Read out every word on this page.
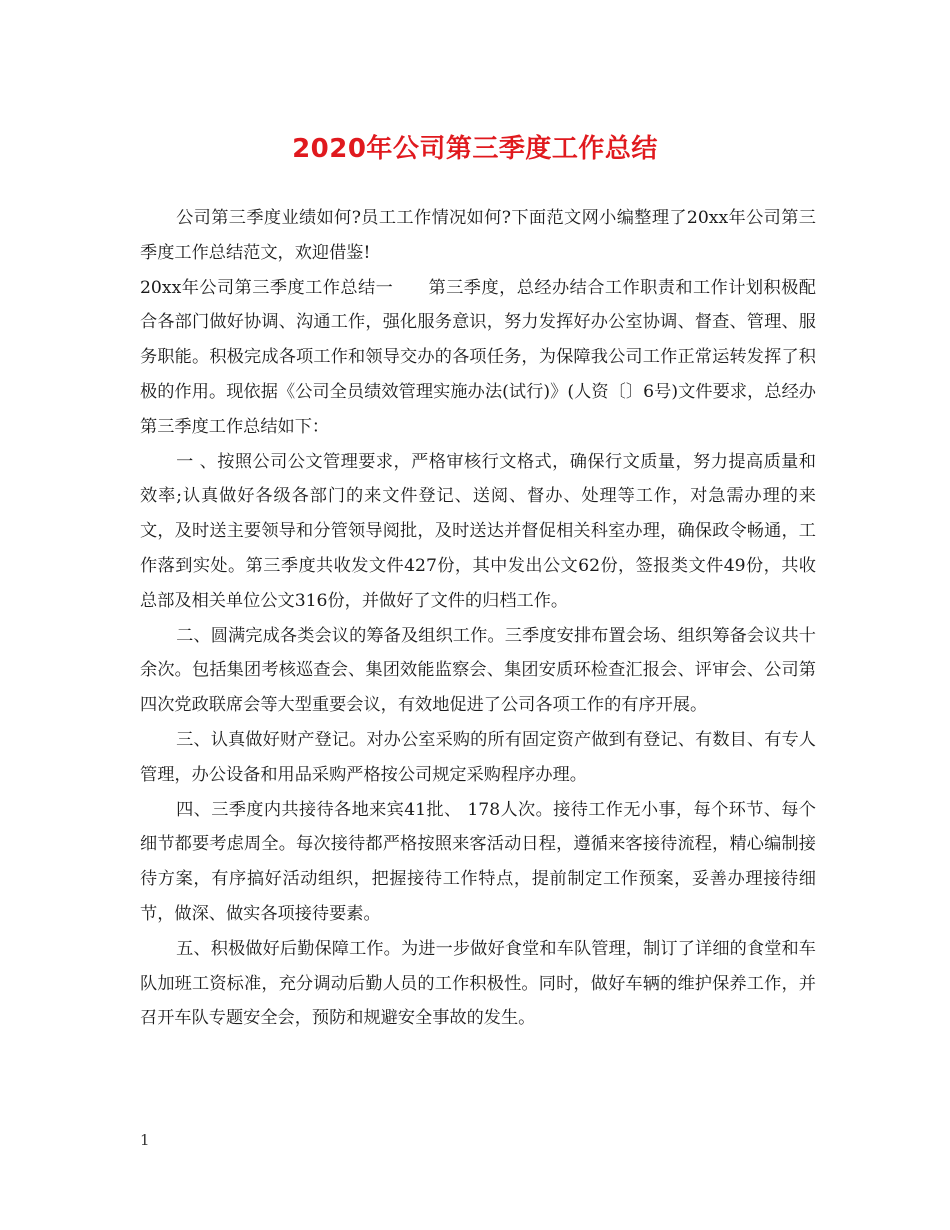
2020年公司第三季度工作总结

公司第三季度业绩如何?员工工作情况如何?下面范文网小编整理了20xx年公司第三季度工作总结范文，欢迎借鉴!

20xx年公司第三季度工作总结一　　第三季度，总经办结合工作职责和工作计划积极配合各部门做好协调、沟通工作，强化服务意识，努力发挥好办公室协调、督查、管理、服务职能。积极完成各项工作和领导交办的各项任务，为保障我公司工作正常运转发挥了积极的作用。现依据《公司全员绩效管理实施办法(试行)》(人资〔〕6号)文件要求，总经办第三季度工作总结如下：

一 、按照公司公文管理要求，严格审核行文格式，确保行文质量，努力提高质量和效率;认真做好各级各部门的来文件登记、送阅、督办、处理等工作，对急需办理的来文，及时送主要领导和分管领导阅批，及时送达并督促相关科室办理，确保政令畅通，工作落到实处。第三季度共收发文件427份，其中发出公文62份，签报类文件49份，共收总部及相关单位公文316份，并做好了文件的归档工作。

二、圆满完成各类会议的筹备及组织工作。三季度安排布置会场、组织筹备会议共十余次。包括集团考核巡查会、集团效能监察会、集团安质环检查汇报会、评审会、公司第四次党政联席会等大型重要会议，有效地促进了公司各项工作的有序开展。

三、认真做好财产登记。对办公室采购的所有固定资产做到有登记、有数目、有专人管理，办公设备和用品采购严格按公司规定采购程序办理。

四、三季度内共接待各地来宾41批、 178人次。接待工作无小事，每个环节、每个细节都要考虑周全。每次接待都严格按照来客活动日程，遵循来客接待流程，精心编制接待方案，有序搞好活动组织，把握接待工作特点，提前制定工作预案，妥善办理接待细节，做深、做实各项接待要素。

五、积极做好后勤保障工作。为进一步做好食堂和车队管理，制订了详细的食堂和车队加班工资标准，充分调动后勤人员的工作积极性。同时，做好车辆的维护保养工作，并召开车队专题安全会，预防和规避安全事故的发生。

1
